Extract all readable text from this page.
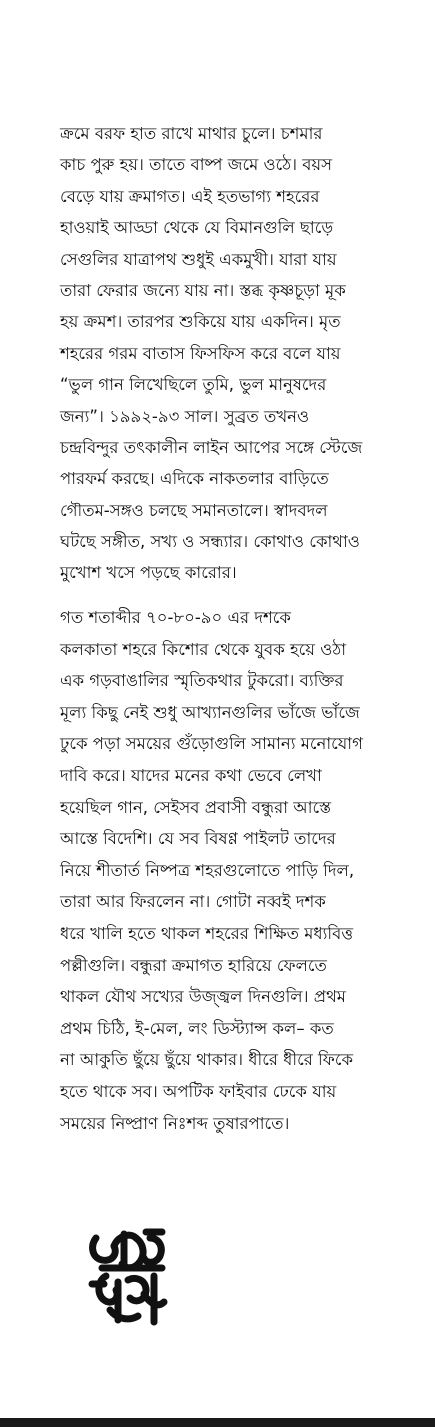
ক্রমে বরফ হাত রাখে মাথার চুলে। চশমার
কাচ পুরু হয়। তাতে বাষ্প জমে ওঠে। বয়স
বেড়ে যায় ক্রমাগত। এই হতভাগ্য শহরের
হাওয়াই আড্ডা থেকে যে বিমানগুলি ছাড়ে
সেগুলির যাত্রাপথ শুধুই একমুখী। যারা যায়
তারা ফেরার জন্যে যায় না। স্তব্ধ কৃষ্ণচূড়া মূক
হয় ক্রমশ। তারপর শুকিয়ে যায় একদিন। মৃত
শহরের গরম বাতাস ফিসফিস করে বলে যায়
“ভুল গান লিখেছিলে তুমি, ভুল মানুষদের
জন্য”। ১৯৯২-৯৩ সাল। সুব্রত তখনও
চন্দ্রবিন্দুর তৎকালীন লাইন আপের সঙ্গে স্টেজে
পারফর্ম করছে। এদিকে নাকতলার বাড়িতে
গৌতম-সঙ্গও চলছে সমানতালে। স্বাদবদল
ঘটছে সঙ্গীত, সখ্য ও সন্ধ্যার। কোথাও কোথাও
মুখোশ খসে পড়ছে কারোর।
গত শতাব্দীর ৭০-৮০-৯০ এর দশকে
কলকাতা শহরে কিশোর থেকে যুবক হয়ে ওঠা
এক গড়বাঙালির স্মৃতিকথার টুকরো। ব্যক্তির
মূল্য কিছু নেই শুধু আখ্যানগুলির ভাঁজে ভাঁজে
ঢুকে পড়া সময়ের গুঁড়োগুলি সামান্য মনোযোগ
দাবি করে। যাদের মনের কথা ভেবে লেখা
হয়েছিল গান, সেইসব প্রবাসী বন্ধুরা আস্তে
আস্তে বিদেশি। যে সব বিষণ্ণ পাইলট তাদের
নিয়ে শীতার্ত নিষ্পত্র শহরগুলোতে পাড়ি দিল,
তারা আর ফিরলেন না। গোটা নব্বই দশক
ধরে খালি হতে থাকল শহরের শিক্ষিত মধ্যবিত্ত
পল্লীগুলি। বন্ধুরা ক্রমাগত হারিয়ে ফেলতে
থাকল যৌথ সখ্যের উজ্জ্বল দিনগুলি। প্রথম
প্রথম চিঠি, ই-মেল, লং ডিস্ট্যান্স কল– কত
না আকুতি ছুঁয়ে ছুঁয়ে থাকার। ধীরে ধীরে ফিকে
হতে থাকে সব। অপটিক ফাইবার ঢেকে যায়
সময়ের নিষ্প্রাণ নিঃশব্দ তুষারপাতে।
